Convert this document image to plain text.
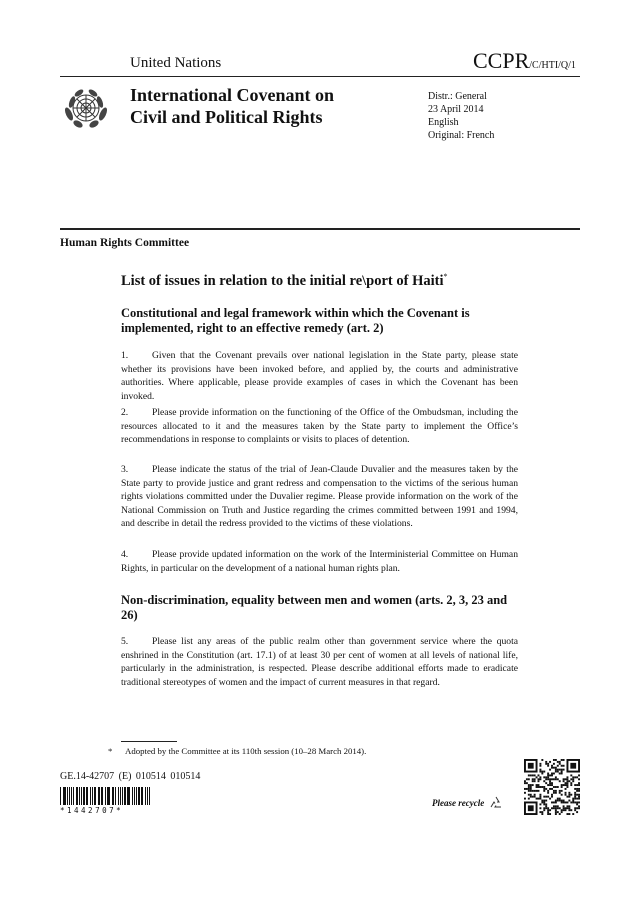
United Nations	CCPR/C/HTI/Q/1
International Covenant on
Civil and Political Rights
Distr.: General
23 April 2014
English
Original: French
Human Rights Committee
List of issues in relation to the initial re\port of Haiti*
Constitutional and legal framework within which the Covenant is implemented, right to an effective remedy (art. 2)
1. Given that the Covenant prevails over national legislation in the State party, please state whether its provisions have been invoked before, and applied by, the courts and administrative authorities. Where applicable, please provide examples of cases in which the Covenant has been invoked.
2. Please provide information on the functioning of the Office of the Ombudsman, including the resources allocated to it and the measures taken by the State party to implement the Office’s recommendations in response to complaints or visits to places of detention.
3. Please indicate the status of the trial of Jean-Claude Duvalier and the measures taken by the State party to provide justice and grant redress and compensation to the victims of the serious human rights violations committed under the Duvalier regime. Please provide information on the work of the National Commission on Truth and Justice regarding the crimes committed between 1991 and 1994, and describe in detail the redress provided to the victims of these violations.
4. Please provide updated information on the work of the Interministerial Committee on Human Rights, in particular on the development of a national human rights plan.
Non-discrimination, equality between men and women (arts. 2, 3, 23 and 26)
5. Please list any areas of the public realm other than government service where the quota enshrined in the Constitution (art. 17.1) of at least 30 per cent of women at all levels of national life, particularly in the administration, is respected. Please describe additional efforts made to eradicate traditional stereotypes of women and the impact of current measures in that regard.
* Adopted by the Committee at its 110th session (10–28 March 2014).
GE.14-42707 (E) 010514 010514
*1442707*
Please recycle
